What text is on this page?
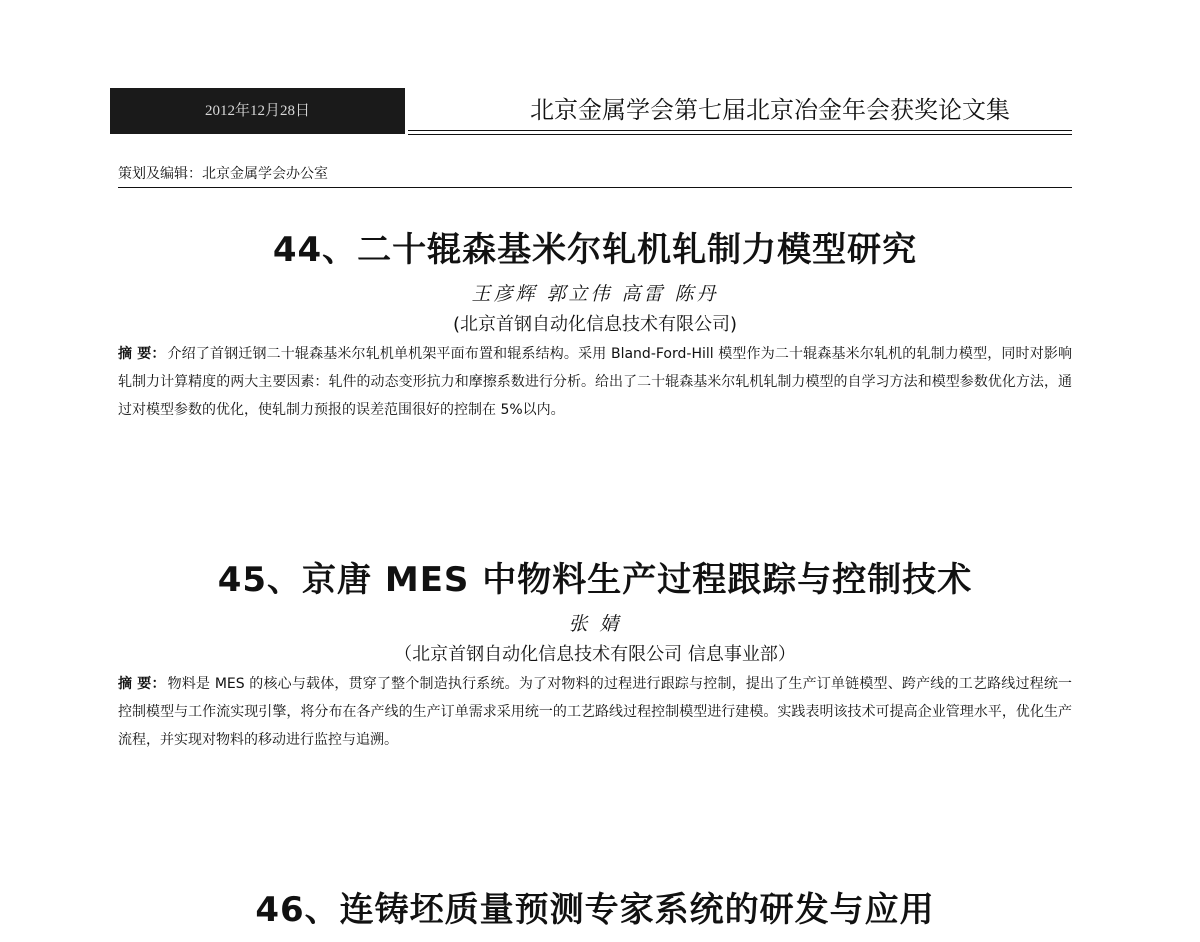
2012年12月28日	北京金属学会第七届北京冶金年会获奖论文集
策划及编辑：北京金属学会办公室
44、二十辊森基米尔轧机轧制力模型研究
王彦辉 郭立伟 高雷 陈丹
(北京首钢自动化信息技术有限公司)
摘 要： 介绍了首钢迁钢二十辊森基米尔轧机单机架平面布置和辊系结构。采用 Bland-Ford-Hill 模型作为二十辊森基米尔轧机的轧制力模型，同时对影响轧制力计算精度的两大主要因素：轧件的动态变形抗力和摩擦系数进行分析。给出了二十辊森基米尔轧机轧制力模型的自学习方法和模型参数优化方法，通过对模型参数的优化，使轧制力预报的误差范围很好的控制在 5%以内。
45、京唐 MES 中物料生产过程跟踪与控制技术
张 婧
（北京首钢自动化信息技术有限公司 信息事业部）
摘 要： 物料是 MES 的核心与载体，贯穿了整个制造执行系统。为了对物料的过程进行跟踪与控制，提出了生产订单链模型、跨产线的工艺路线过程统一控制模型与工作流实现引擎，将分布在各产线的生产订单需求采用统一的工艺路线过程控制模型进行建模。实践表明该技术可提高企业管理水平，优化生产流程，并实现对物料的移动进行监控与追溯。
46、连铸坯质量预测专家系统的研发与应用
